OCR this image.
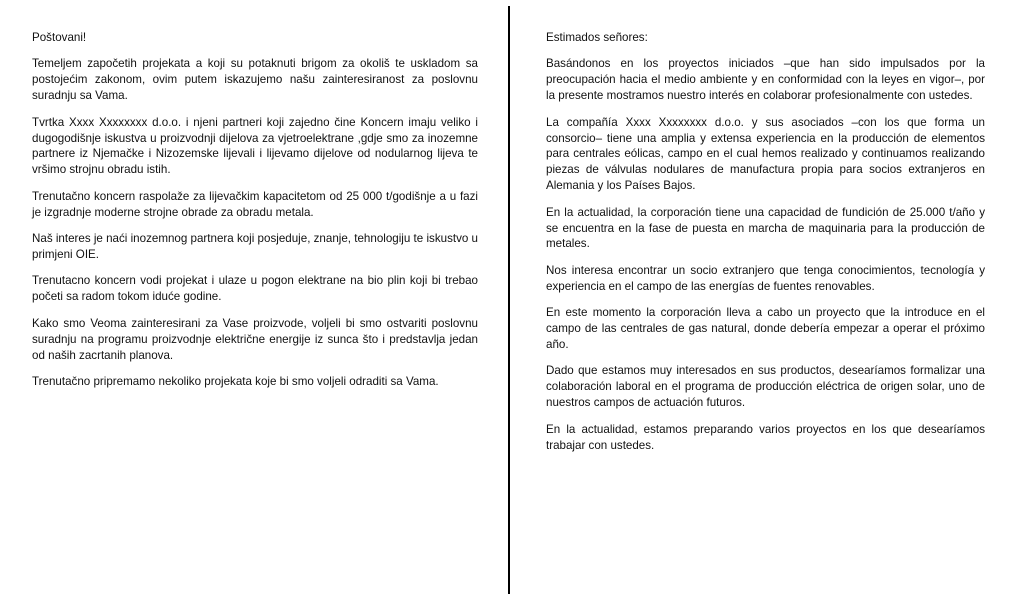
Poštovani!

Temeljem započetih projekata a koji su potaknuti brigom za okoliš te uskladom sa postojećim zakonom, ovim putem iskazujemo našu zainteresiranost za poslovnu suradnju sa Vama.

Tvrtka Xxxx Xxxxxxxx d.o.o. i njeni partneri koji zajedno čine Koncern imaju veliko i dugogodišnje iskustva u proizvodnji dijelova za vjetroelektrane ,gdje smo za inozemne partnere iz Njemačke i Nizozemske lijevali i lijevamo dijelove od nodularnog lijeva te vršimo strojnu obradu istih.

Trenutačno koncern raspolaže za lijevačkim kapacitetom od 25 000 t/godišnje a u fazi je izgradnje moderne strojne obrade za obradu metala.

Naš interes je naći inozemnog partnera koji posjeduje, znanje, tehnologiju te iskustvo u primjeni OIE.

Trenutacno koncern vodi projekat i ulaze u pogon elektrane na bio plin koji bi trebao početi sa radom tokom iduće godine.

Kako smo Veoma zainteresirani za Vase proizvode, voljeli bi smo ostvariti poslovnu suradnju na programu proizvodnje električne energije iz sunca što i predstavlja jedan od naših zacrtanih planova.

Trenutačno pripremamo nekoliko projekata koje bi smo voljeli odraditi sa Vama.

Estimados señores:

Basándonos en los proyectos iniciados –que han sido impulsados por la preocupación hacia el medio ambiente y en conformidad con la leyes en vigor–, por la presente mostramos nuestro interés en colaborar profesionalmente con ustedes.

La compañía Xxxx Xxxxxxxx d.o.o. y sus asociados –con los que forma un consorcio– tiene una amplia y extensa experiencia en la producción de elementos para centrales eólicas, campo en el cual hemos realizado y continuamos realizando piezas de válvulas nodulares de manufactura propia para socios extranjeros en Alemania y los Países Bajos.

En la actualidad, la corporación tiene una capacidad de fundición de 25.000 t/año y se encuentra en la fase de puesta en marcha de maquinaria para la producción de metales.

Nos interesa encontrar un socio extranjero que tenga conocimientos, tecnología y experiencia en el campo de las energías de fuentes renovables.

En este momento la corporación lleva a cabo un proyecto que la introduce en el campo de las centrales de gas natural, donde debería empezar a operar el próximo año.

Dado que estamos muy interesados en sus productos, desearíamos formalizar una colaboración laboral en el programa de producción eléctrica de origen solar, uno de nuestros campos de actuación futuros.

En la actualidad, estamos preparando varios proyectos en los que desearíamos trabajar con ustedes.
